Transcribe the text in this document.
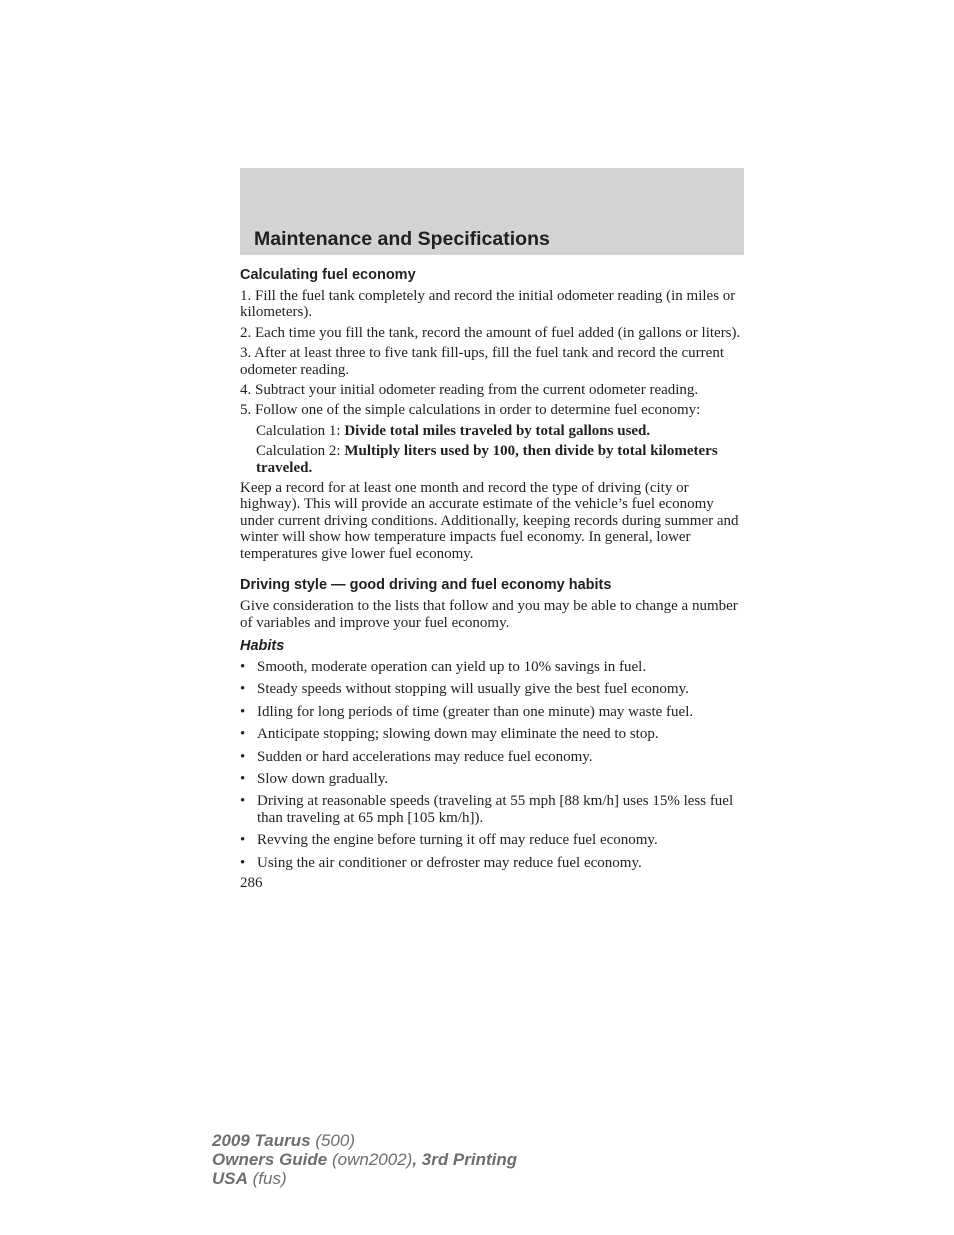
Maintenance and Specifications
Calculating fuel economy

1. Fill the fuel tank completely and record the initial odometer reading (in miles or kilometers).

2. Each time you fill the tank, record the amount of fuel added (in gallons or liters).

3. After at least three to five tank fill-ups, fill the fuel tank and record the current odometer reading.

4. Subtract your initial odometer reading from the current odometer reading.

5. Follow one of the simple calculations in order to determine fuel economy:

Calculation 1: Divide total miles traveled by total gallons used.

Calculation 2: Multiply liters used by 100, then divide by total kilometers traveled.

Keep a record for at least one month and record the type of driving (city or highway). This will provide an accurate estimate of the vehicle’s fuel economy under current driving conditions. Additionally, keeping records during summer and winter will show how temperature impacts fuel economy. In general, lower temperatures give lower fuel economy.

Driving style — good driving and fuel economy habits

Give consideration to the lists that follow and you may be able to change a number of variables and improve your fuel economy.

Habits
• Smooth, moderate operation can yield up to 10% savings in fuel.
• Steady speeds without stopping will usually give the best fuel economy.
• Idling for long periods of time (greater than one minute) may waste fuel.
• Anticipate stopping; slowing down may eliminate the need to stop.
• Sudden or hard accelerations may reduce fuel economy.
• Slow down gradually.
• Driving at reasonable speeds (traveling at 55 mph [88 km/h] uses 15% less fuel than traveling at 65 mph [105 km/h]).
• Revving the engine before turning it off may reduce fuel economy.
• Using the air conditioner or defroster may reduce fuel economy.
286
2009 Taurus (500)
Owners Guide (own2002), 3rd Printing
USA (fus)
